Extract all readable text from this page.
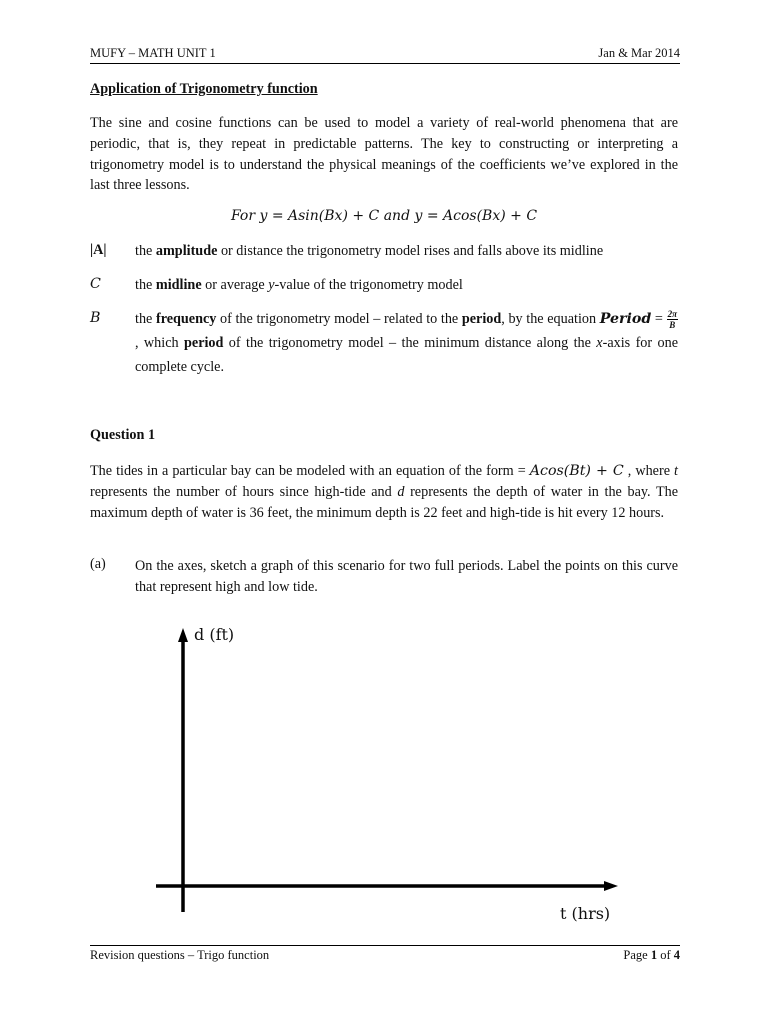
MUFY – MATH UNIT 1	Jan & Mar 2014
Application of Trigonometry function
The sine and cosine functions can be used to model a variety of real-world phenomena that are periodic, that is, they repeat in predictable patterns. The key to constructing or interpreting a trigonometry model is to understand the physical meanings of the coefficients we’ve explored in the last three lessons.
For y = Asin(Bx) + C and y = Acos(Bx) + C
|A| the amplitude or distance the trigonometry model rises and falls above its midline
C the midline or average y-value of the trigonometry model
B the frequency of the trigonometry model – related to the period, by the equation Period = $\frac{2\pi}{B}$
, which period of the trigonometry model – the minimum distance along the x-axis for one complete cycle.
Question 1
The tides in a particular bay can be modeled with an equation of the form = Acos(Bt) + C , where t represents the number of hours since high-tide and d represents the depth of water in the bay. The maximum depth of water is 36 feet, the minimum depth is 22 feet and high-tide is hit every 12 hours.
(a) On the axes, sketch a graph of this scenario for two full periods. Label the points on this curve that represent high and low tide.
d (ft)
t (hrs)
Revision questions – Trigo function	Page 1 of 4
